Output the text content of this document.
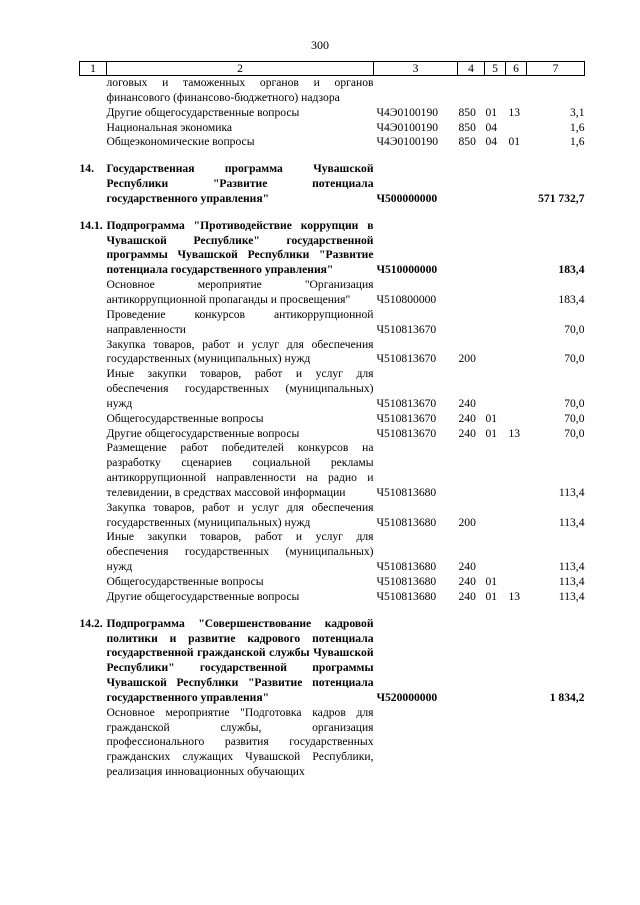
300
1	2	3	4	5	6	7
	логовых и таможенных органов и органов финансового (финансово-бюджетного) надзора					
	Другие общегосударственные вопросы	Ч4Э0100190	850	01	13	3,1
	Национальная экономика	Ч4Э0100190	850	04		1,6
	Общеэкономические вопросы	Ч4Э0100190	850	04	01	1,6

14.	Государственная программа Чувашской Республики "Развитие потенциала государственного управления"	Ч500000000				571 732,7

14.1.	Подпрограмма "Противодействие коррупции в Чувашской Республике" государственной программы Чувашской Республики "Развитие потенциала государственного управления"	Ч510000000				183,4
	Основное мероприятие "Организация антикоррупционной пропаганды и просвещения"	Ч510800000				183,4
	Проведение конкурсов антикоррупционной направленности	Ч510813670				70,0
	Закупка товаров, работ и услуг для обеспечения государственных (муниципальных) нужд	Ч510813670	200			70,0
	Иные закупки товаров, работ и услуг для обеспечения государственных (муниципальных) нужд	Ч510813670	240			70,0
	Общегосударственные вопросы	Ч510813670	240	01		70,0
	Другие общегосударственные вопросы	Ч510813670	240	01	13	70,0
	Размещение работ победителей конкурсов на разработку сценариев социальной рекламы антикоррупционной направленности на радио и телевидении, в средствах массовой информации	Ч510813680				113,4
	Закупка товаров, работ и услуг для обеспечения государственных (муниципальных) нужд	Ч510813680	200			113,4
	Иные закупки товаров, работ и услуг для обеспечения государственных (муниципальных) нужд	Ч510813680	240			113,4
	Общегосударственные вопросы	Ч510813680	240	01		113,4
	Другие общегосударственные вопросы	Ч510813680	240	01	13	113,4

14.2.	Подпрограмма "Совершенствование кадровой политики и развитие кадрового потенциала государственной гражданской службы Чувашской Республики" государственной программы Чувашской Республики "Развитие потенциала государственного управления"	Ч520000000				1 834,2
	Основное мероприятие "Подготовка кадров для гражданской службы, организация профессионального развития государственных гражданских служащих Чувашской Республики, реализация инновационных обучающих					
